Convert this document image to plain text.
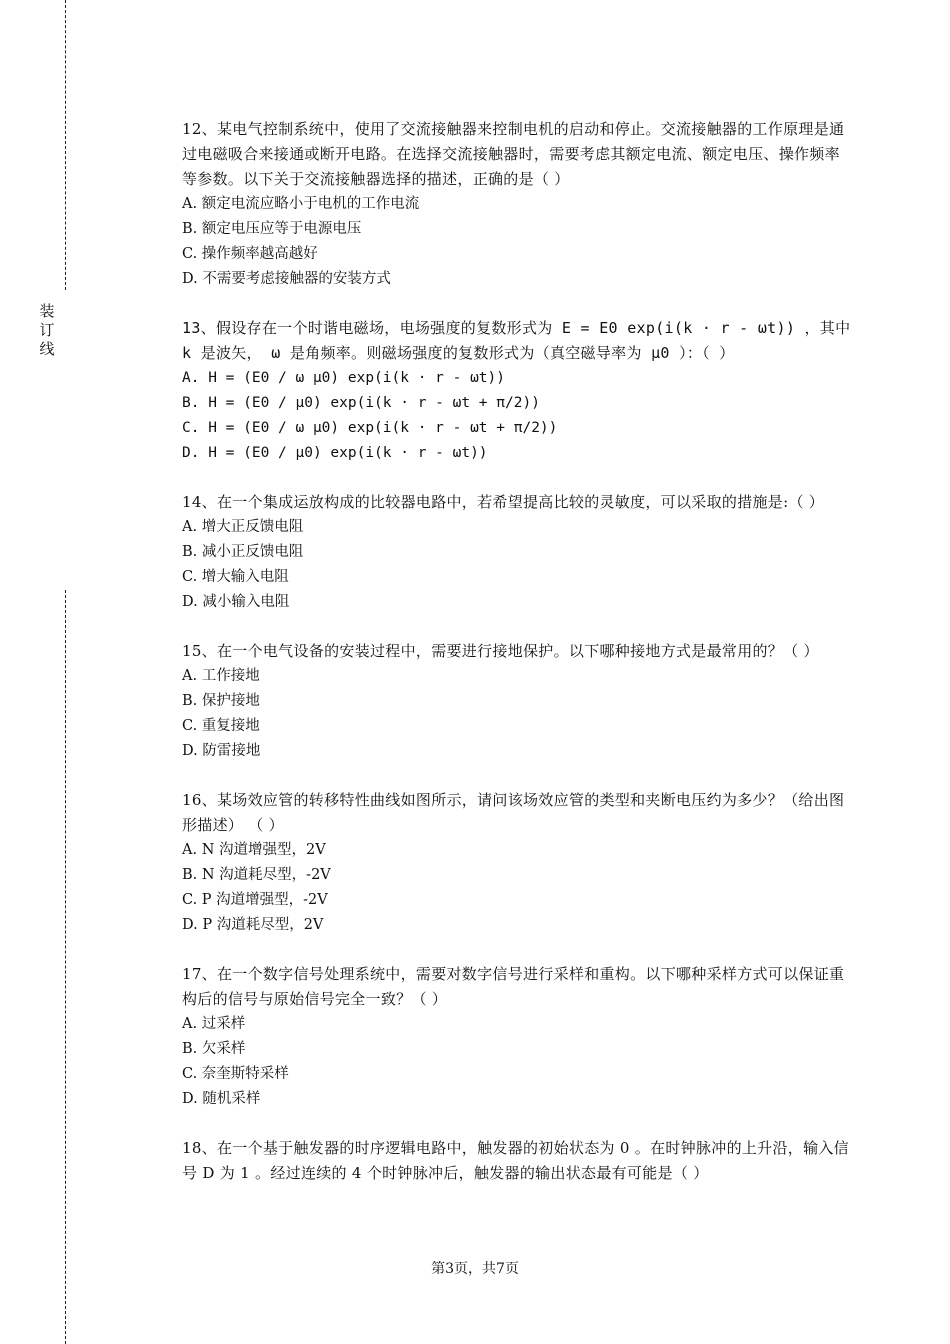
装
订
线

12、某电气控制系统中，使用了交流接触器来控制电机的启动和停止。交流接触器的工作原理是通过电磁吸合来接通或断开电路。在选择交流接触器时，需要考虑其额定电流、额定电压、操作频率等参数。以下关于交流接触器选择的描述，正确的是（ ）

A. 额定电流应略小于电机的工作电流

B. 额定电压应等于电源电压

C. 操作频率越高越好

D. 不需要考虑接触器的安装方式

13、假设存在一个时谐电磁场，电场强度的复数形式为 E = E0 exp(i(k · r - ωt)) ，其中 k 是波矢， ω 是角频率。则磁场强度的复数形式为（真空磁导率为 μ0 ）：（ ）

A. H = (E0 / ω μ0) exp(i(k · r - ωt))

B. H = (E0 / μ0) exp(i(k · r - ωt + π/2))

C. H = (E0 / ω μ0) exp(i(k · r - ωt + π/2))

D. H = (E0 / μ0) exp(i(k · r - ωt))

14、在一个集成运放构成的比较器电路中，若希望提高比较的灵敏度，可以采取的措施是:（ ）

A. 增大正反馈电阻

B. 减小正反馈电阻

C. 增大输入电阻

D. 减小输入电阻

15、在一个电气设备的安装过程中，需要进行接地保护。以下哪种接地方式是最常用的？（ ）

A. 工作接地

B. 保护接地

C. 重复接地

D. 防雷接地

16、某场效应管的转移特性曲线如图所示，请问该场效应管的类型和夹断电压约为多少？（给出图形描述） （ ）

A. N 沟道增强型，2V

B. N 沟道耗尽型，-2V

C. P 沟道增强型，-2V

D. P 沟道耗尽型，2V

17、在一个数字信号处理系统中，需要对数字信号进行采样和重构。以下哪种采样方式可以保证重构后的信号与原始信号完全一致？（ ）

A. 过采样

B. 欠采样

C. 奈奎斯特采样

D. 随机采样

18、在一个基于触发器的时序逻辑电路中，触发器的初始状态为 0 。在时钟脉冲的上升沿，输入信号 D 为 1 。经过连续的 4 个时钟脉冲后，触发器的输出状态最有可能是（ ）

第3页，共7页
